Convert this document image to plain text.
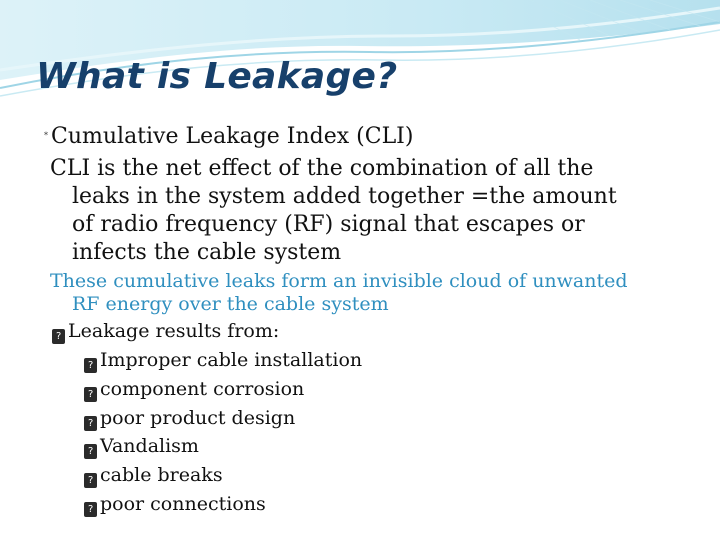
What is Leakage?

* Cumulative Leakage Index (CLI)

CLI is the net effect of the combination of all the

leaks in the system added together =the amount

of radio frequency (RF) signal that escapes or

infects the cable system

These cumulative leaks form an invisible cloud of unwanted

RF energy over the cable system

? Leakage results from:

? Improper cable installation

? component corrosion

? poor product design

? Vandalism

? cable breaks

? poor connections
